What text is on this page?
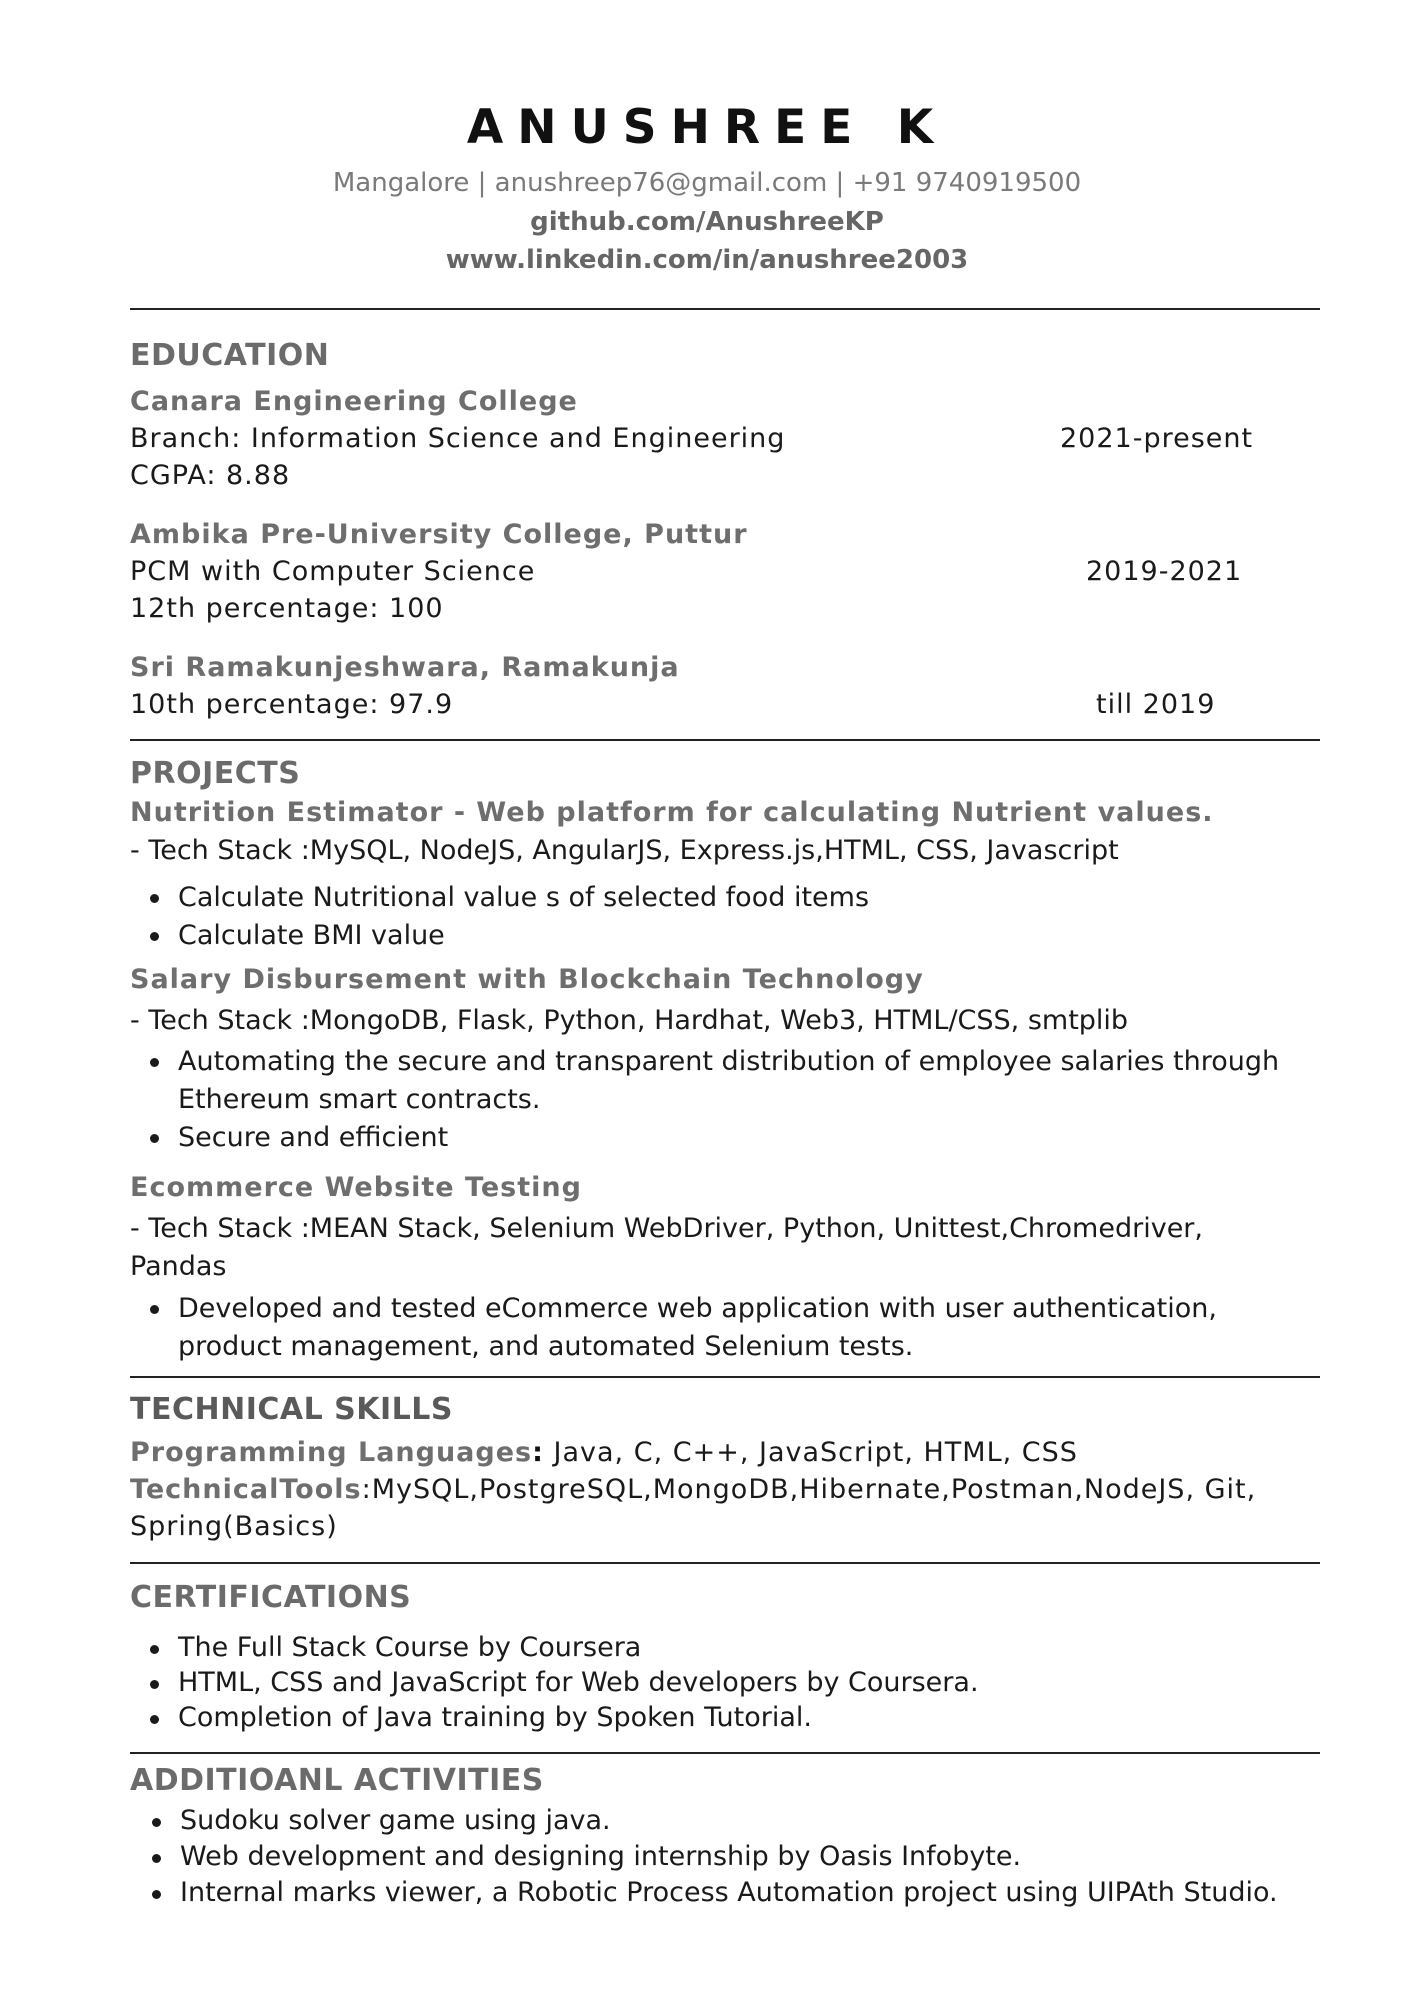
ANUSHREE K
Mangalore | anushreep76@gmail.com | +91 9740919500
github.com/AnushreeKP
www.linkedin.com/in/anushree2003
EDUCATION
Canara Engineering College
Branch: Information Science and Engineering	2021-present
CGPA: 8.88
Ambika Pre-University College, Puttur
PCM with Computer Science	2019-2021
12th percentage: 100
Sri Ramakunjeshwara, Ramakunja
10th percentage: 97.9	till 2019
PROJECTS
Nutrition Estimator - Web platform for calculating Nutrient values.
- Tech Stack :MySQL, NodeJS, AngularJS, Express.js,HTML, CSS, Javascript
Calculate Nutritional value s of selected food items
Calculate BMI value
Salary Disbursement with Blockchain Technology
- Tech Stack :MongoDB, Flask, Python, Hardhat, Web3, HTML/CSS, smtplib
Automating the secure and transparent distribution of employee salaries through Ethereum smart contracts.
Secure and efficient
Ecommerce Website Testing
- Tech Stack :MEAN Stack, Selenium WebDriver, Python, Unittest,Chromedriver, Pandas
Developed and tested eCommerce web application with user authentication, product management, and automated Selenium tests.
TECHNICAL SKILLS
Programming Languages: Java, C, C++, JavaScript, HTML, CSS
TechnicalTools:MySQL,PostgreSQL,MongoDB,Hibernate,Postman,NodeJS, Git, Spring(Basics)
CERTIFICATIONS
The Full Stack Course by Coursera
HTML, CSS and JavaScript for Web developers by Coursera.
Completion of Java training by Spoken Tutorial.
ADDITIOANL ACTIVITIES
Sudoku solver game using java.
Web development and designing internship by Oasis Infobyte.
Internal marks viewer, a Robotic Process Automation project using UIPAth Studio.
